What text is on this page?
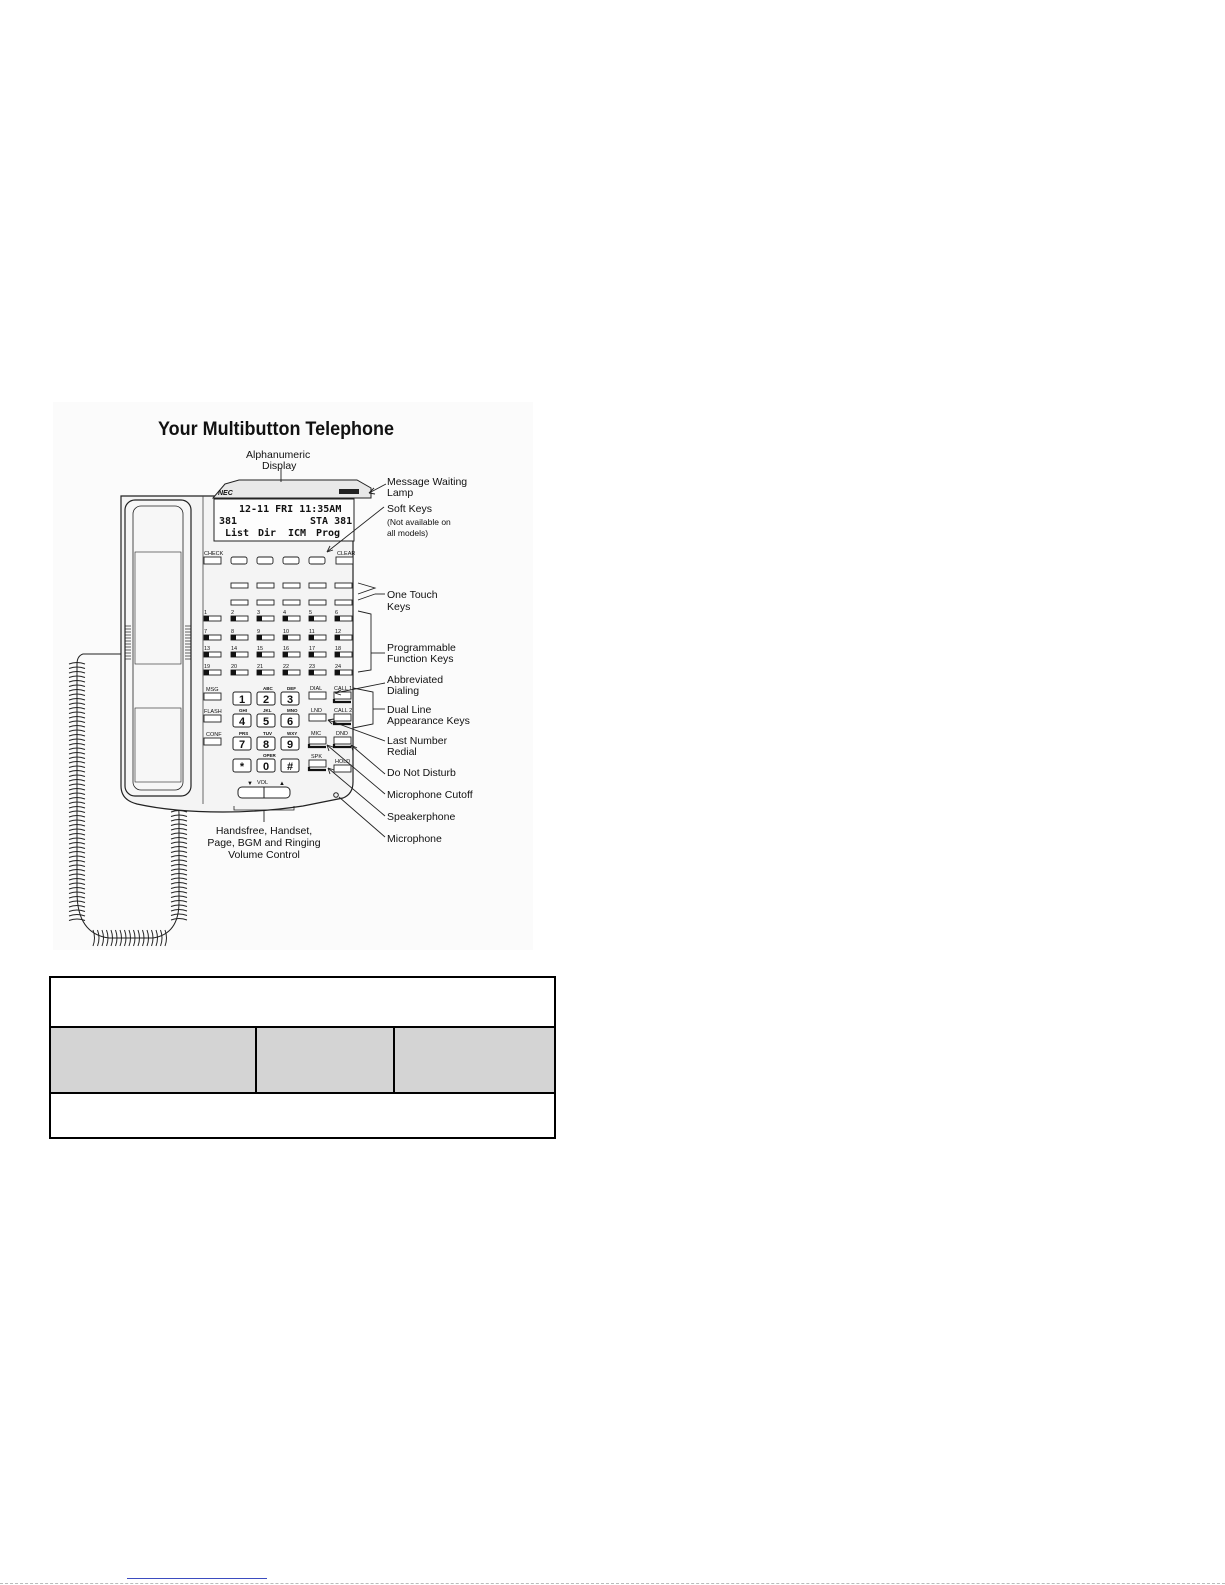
Your Multibutton Telephone
NEC
12-11 FRI 11:35AM
381	STA 381
List Dir ICM Prog
CHECK	CLEAR
1	2	3	4	5	6
7	8	9	10	11	12
13	14	15	16	17	18
19	20	21	22	23	24
MSG
FLASH
CONF
1
ABC
2
DEF
3
GHI
4
JKL
5
MNO
6
PRS
7
TUV
8
WXY
9
*
OPER
0 #
DIAL CALL 1
LND CALL 2
MIC	DND
SPK
HOLD
VOL
▼	▲
Alphanumeric
Display
Message Waiting
Lamp
Soft Keys
(Not available on
all models)
One Touch
Keys
Programmable
Function Keys
Abbreviated
Dialing
Dual Line
Appearance Keys
Last Number
Redial
Do Not Disturb
Microphone Cutoff
Speakerphone
Microphone
Handsfree, Handset,
Page, BGM and Ringing
Volume Control
